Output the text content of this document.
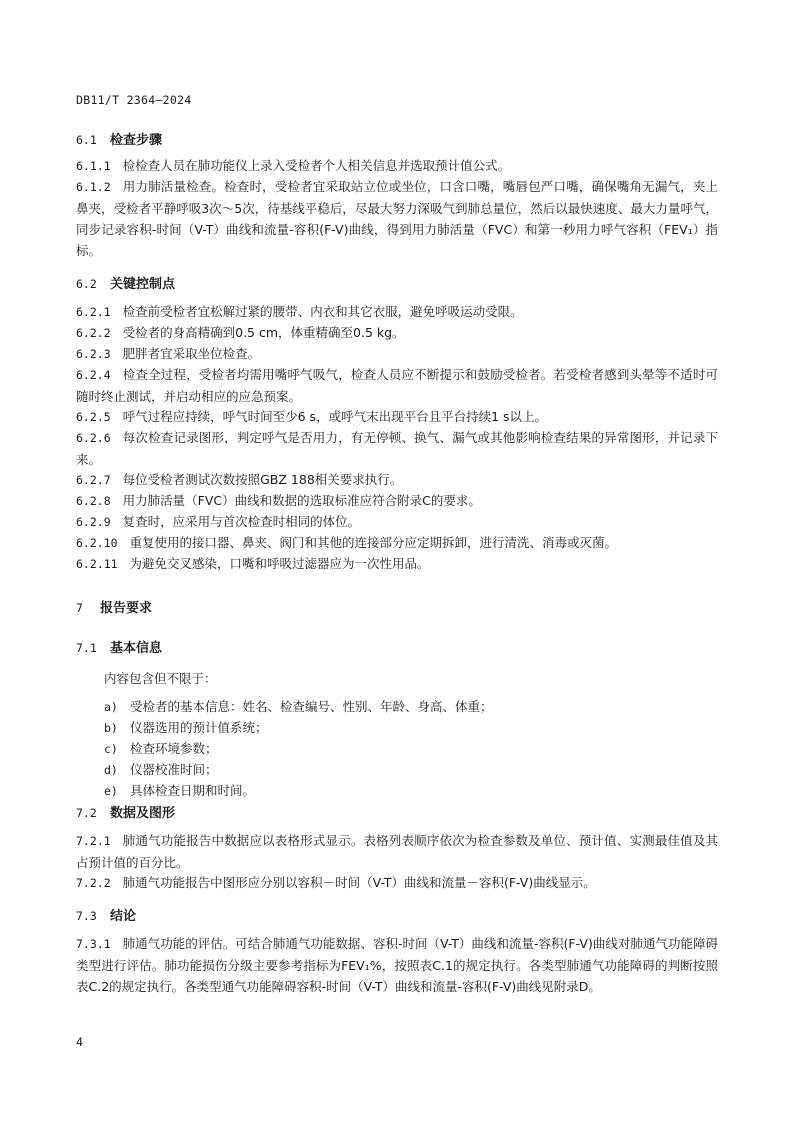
DB11/T 2364—2024
6.1 检查步骤
6.1.1 检检查人员在肺功能仪上录入受检者个人相关信息并选取预计值公式。
6.1.2 用力肺活量检查。检查时，受检者宜采取站立位或坐位，口含口嘴，嘴唇包严口嘴，确保嘴角无漏气，夹上鼻夹，受检者平静呼吸3次～5次，待基线平稳后，尽最大努力深吸气到肺总量位，然后以最快速度、最大力量呼气，同步记录容积-时间（V-T）曲线和流量-容积(F-V)曲线，得到用力肺活量（FVC）和第一秒用力呼气容积（FEV₁）指标。
6.2 关键控制点
6.2.1 检查前受检者宜松解过紧的腰带、内衣和其它衣服，避免呼吸运动受限。
6.2.2 受检者的身高精确到0.5 cm，体重精确至0.5 kg。
6.2.3 肥胖者宜采取坐位检查。
6.2.4 检查全过程，受检者均需用嘴呼气吸气，检查人员应不断提示和鼓励受检者。若受检者感到头晕等不适时可随时终止测试，并启动相应的应急预案。
6.2.5 呼气过程应持续，呼气时间至少6 s，或呼气末出现平台且平台持续1 s以上。
6.2.6 每次检查记录图形，判定呼气是否用力，有无停顿、换气、漏气或其他影响检查结果的异常图形，并记录下来。
6.2.7 每位受检者测试次数按照GBZ 188相关要求执行。
6.2.8 用力肺活量（FVC）曲线和数据的选取标准应符合附录C的要求。
6.2.9 复查时，应采用与首次检查时相同的体位。
6.2.10 重复使用的接口器、鼻夹、阀门和其他的连接部分应定期拆卸，进行清洗、消毒或灭菌。
6.2.11 为避免交叉感染，口嘴和呼吸过滤器应为一次性用品。
7 报告要求
7.1 基本信息
内容包含但不限于：
a) 受检者的基本信息：姓名、检查编号、性别、年龄、身高、体重；
b) 仪器选用的预计值系统；
c) 检查环境参数；
d) 仪器校准时间；
e) 具体检查日期和时间。
7.2 数据及图形
7.2.1 肺通气功能报告中数据应以表格形式显示。表格列表顺序依次为检查参数及单位、预计值、实测最佳值及其占预计值的百分比。
7.2.2 肺通气功能报告中图形应分别以容积－时间（V-T）曲线和流量－容积(F-V)曲线显示。
7.3 结论
7.3.1 肺通气功能的评估。可结合肺通气功能数据、容积-时间（V-T）曲线和流量-容积(F-V)曲线对肺通气功能障碍类型进行评估。肺功能损伤分级主要参考指标为FEV₁%，按照表C.1的规定执行。各类型肺通气功能障碍的判断按照表C.2的规定执行。各类型通气功能障碍容积-时间（V-T）曲线和流量-容积(F-V)曲线见附录D。
4
